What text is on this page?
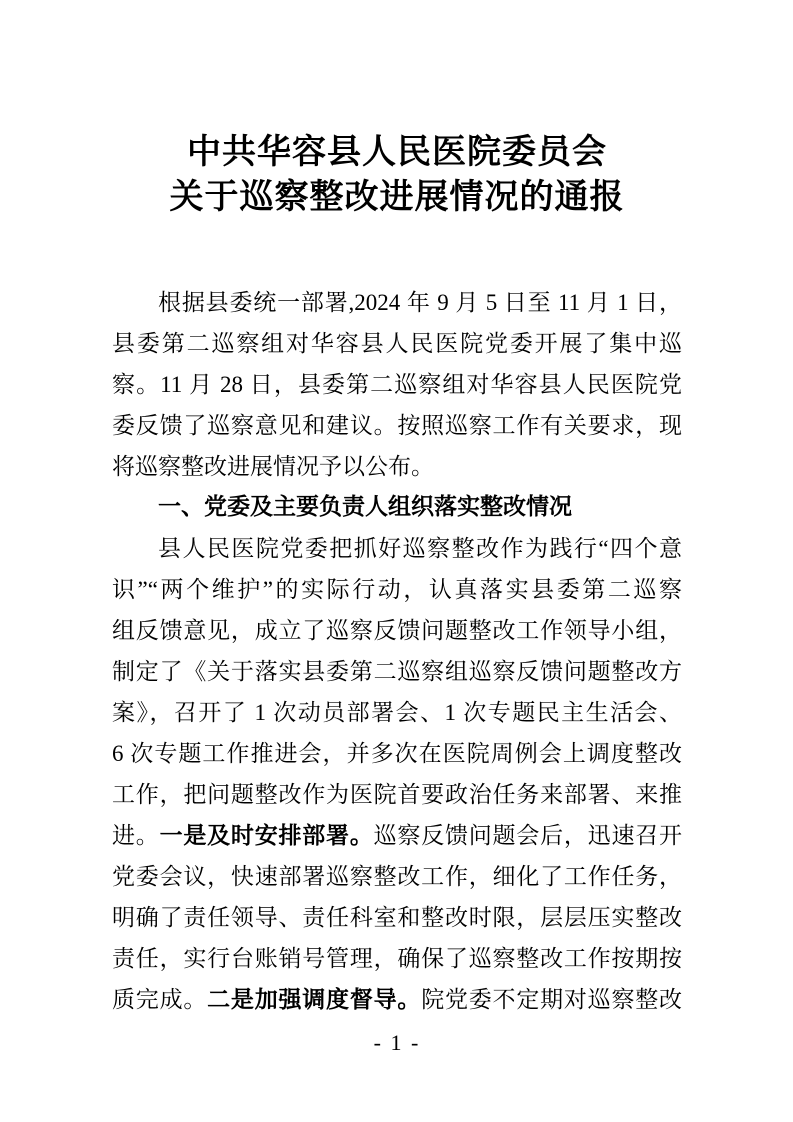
中共华容县人民医院委员会
关于巡察整改进展情况的通报
根据县委统一部署,2024 年 9 月 5 日至 11 月 1 日，
县委第二巡察组对华容县人民医院党委开展了集中巡
察。11 月 28 日，县委第二巡察组对华容县人民医院党
委反馈了巡察意见和建议。按照巡察工作有关要求，现
将巡察整改进展情况予以公布。
一、党委及主要负责人组织落实整改情况
县人民医院党委把抓好巡察整改作为践行“四个意
识”“两个维护”的实际行动，认真落实县委第二巡察
组反馈意见，成立了巡察反馈问题整改工作领导小组，
制定了《关于落实县委第二巡察组巡察反馈问题整改方
案》，召开了 1 次动员部署会、1 次专题民主生活会、
6 次专题工作推进会，并多次在医院周例会上调度整改
工作，把问题整改作为医院首要政治任务来部署、来推
进。一是及时安排部署。巡察反馈问题会后，迅速召开
党委会议，快速部署巡察整改工作，细化了工作任务，
明确了责任领导、责任科室和整改时限，层层压实整改
责任，实行台账销号管理，确保了巡察整改工作按期按
质完成。二是加强调度督导。院党委不定期对巡察整改
- 1 -
